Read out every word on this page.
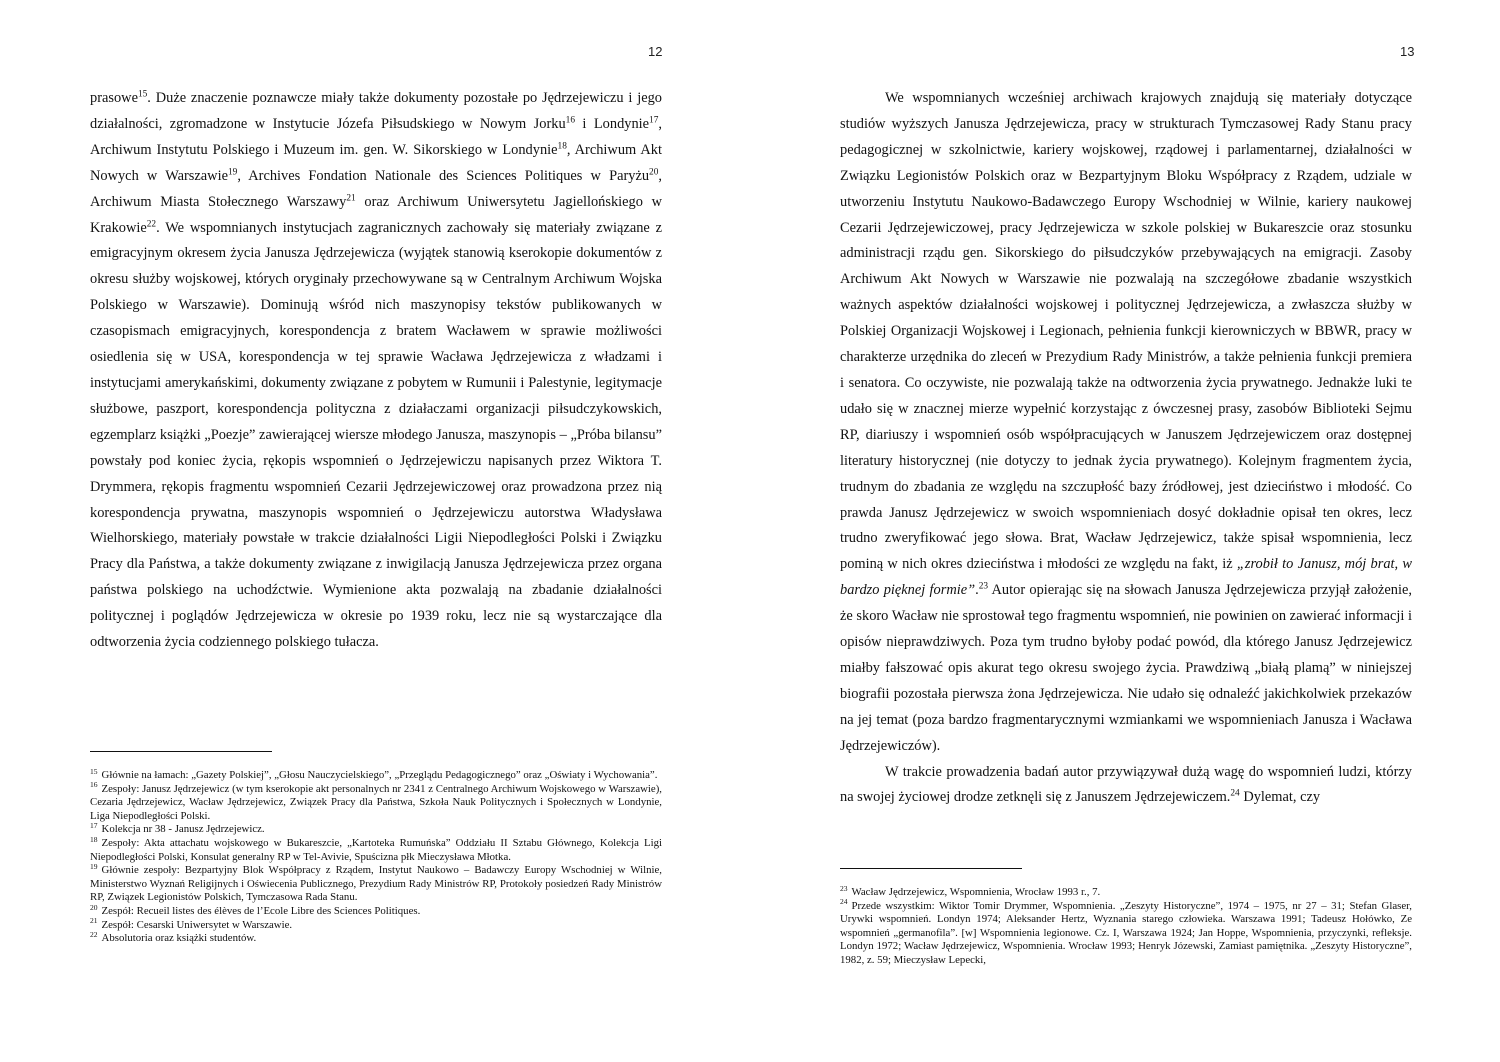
12

prasowe$^{15}$. Duże znaczenie poznawcze miały także dokumenty pozostałe po Jędrzejewiczu i jego działalności, zgromadzone w Instytucie Józefa Piłsudskiego w Nowym Jorku$^{16}$ i Londynie$^{17}$, Archiwum Instytutu Polskiego i Muzeum im. gen. W. Sikorskiego w Londynie$^{18}$, Archiwum Akt Nowych w Warszawie$^{19}$, Archives Fondation Nationale des Sciences Politiques w Paryżu$^{20}$, Archiwum Miasta Stołecznego Warszawy$^{21}$ oraz Archiwum Uniwersytetu Jagiellońskiego w Krakowie$^{22}$. We wspomnianych instytucjach zagranicznych zachowały się materiały związane z emigracyjnym okresem życia Janusza Jędrzejewicza (wyjątek stanowią kserokopie dokumentów z okresu służby wojskowej, których oryginały przechowywane są w Centralnym Archiwum Wojska Polskiego w Warszawie). Dominują wśród nich maszynopisy tekstów publikowanych w czasopismach emigracyjnych, korespondencja z bratem Wacławem w sprawie możliwości osiedlenia się w USA, korespondencja w tej sprawie Wacława Jędrzejewicza z władzami i instytucjami amerykańskimi, dokumenty związane z pobytem w Rumunii i Palestynie, legitymacje służbowe, paszport, korespondencja polityczna z działaczami organizacji piłsudczykowskich, egzemplarz książki „Poezje” zawierającej wiersze młodego Janusza, maszynopis – „Próba bilansu” powstały pod koniec życia, rękopis wspomnień o Jędrzejewiczu napisanych przez Wiktora T. Drymmera, rękopis fragmentu wspomnień Cezarii Jędrzejewiczowej oraz prowadzona przez nią korespondencja prywatna, maszynopis wspomnień o Jędrzejewiczu autorstwa Władysława Wielhorskiego, materiały powstałe w trakcie działalności Ligii Niepodległości Polski i Związku Pracy dla Państwa, a także dokumenty związane z inwigilacją Janusza Jędrzejewicza przez organa państwa polskiego na uchodźctwie. Wymienione akta pozwalają na zbadanie działalności politycznej i poglądów Jędrzejewicza w okresie po 1939 roku, lecz nie są wystarczające dla odtworzenia życia codziennego polskiego tułacza.

$^{15}$ Głównie na łamach: „Gazety Polskiej”, „Głosu Nauczycielskiego”, „Przeglądu Pedagogicznego” oraz „Oświaty i Wychowania”.

$^{16}$ Zespoły: Janusz Jędrzejewicz (w tym kserokopie akt personalnych nr 2341 z Centralnego Archiwum Wojskowego w Warszawie), Cezaria Jędrzejewicz, Wacław Jędrzejewicz, Związek Pracy dla Państwa, Szkoła Nauk Politycznych i Społecznych w Londynie, Liga Niepodległości Polski.

$^{17}$ Kolekcja nr 38 - Janusz Jędrzejewicz.

$^{18}$ Zespoły: Akta attachatu wojskowego w Bukareszcie, „Kartoteka Rumuńska” Oddziału II Sztabu Głównego, Kolekcja Ligi Niepodległości Polski, Konsulat generalny RP w Tel-Avivie, Spuścizna płk Mieczysława Młotka.

$^{19}$ Głównie zespoły: Bezpartyjny Blok Współpracy z Rządem, Instytut Naukowo – Badawczy Europy Wschodniej w Wilnie, Ministerstwo Wyznań Religijnych i Oświecenia Publicznego, Prezydium Rady Ministrów RP, Protokoły posiedzeń Rady Ministrów RP, Związek Legionistów Polskich, Tymczasowa Rada Stanu.

$^{20}$ Zespół: Recueil listes des élèves de l’Ecole Libre des Sciences Politiques.

$^{21}$ Zespół: Cesarski Uniwersytet w Warszawie.

$^{22}$ Absolutoria oraz książki studentów.

13

We wspomnianych wcześniej archiwach krajowych znajdują się materiały dotyczące studiów wyższych Janusza Jędrzejewicza, pracy w strukturach Tymczasowej Rady Stanu pracy pedagogicznej w szkolnictwie, kariery wojskowej, rządowej i parlamentarnej, działalności w Związku Legionistów Polskich oraz w Bezpartyjnym Bloku Współpracy z Rządem, udziale w utworzeniu Instytutu Naukowo-Badawczego Europy Wschodniej w Wilnie, kariery naukowej Cezarii Jędrzejewiczowej, pracy Jędrzejewicza w szkole polskiej w Bukareszcie oraz stosunku administracji rządu gen. Sikorskiego do piłsudczyków przebywających na emigracji. Zasoby Archiwum Akt Nowych w Warszawie nie pozwalają na szczegółowe zbadanie wszystkich ważnych aspektów działalności wojskowej i politycznej Jędrzejewicza, a zwłaszcza służby w Polskiej Organizacji Wojskowej i Legionach, pełnienia funkcji kierowniczych w BBWR, pracy w charakterze urzędnika do zleceń w Prezydium Rady Ministrów, a także pełnienia funkcji premiera i senatora. Co oczywiste, nie pozwalają także na odtworzenia życia prywatnego. Jednakże luki te udało się w znacznej mierze wypełnić korzystając z ówczesnej prasy, zasobów Biblioteki Sejmu RP, diariuszy i wspomnień osób współpracujących w Januszem Jędrzejewiczem oraz dostępnej literatury historycznej (nie dotyczy to jednak życia prywatnego). Kolejnym fragmentem życia, trudnym do zbadania ze względu na szczupłość bazy źródłowej, jest dzieciństwo i młodość. Co prawda Janusz Jędrzejewicz w swoich wspomnieniach dosyć dokładnie opisał ten okres, lecz trudno zweryfikować jego słowa. Brat, Wacław Jędrzejewicz, także spisał wspomnienia, lecz pominą w nich okres dzieciństwa i młodości ze względu na fakt, iż „zrobił to Janusz, mój brat, w bardzo pięknej formie”.$^{23}$ Autor opierając się na słowach Janusza Jędrzejewicza przyjął założenie, że skoro Wacław nie sprostował tego fragmentu wspomnień, nie powinien on zawierać informacji i opisów nieprawdziwych. Poza tym trudno byłoby podać powód, dla którego Janusz Jędrzejewicz miałby fałszować opis akurat tego okresu swojego życia. Prawdziwą „białą plamą” w niniejszej biografii pozostała pierwsza żona Jędrzejewicza. Nie udało się odnaleźć jakichkolwiek przekazów na jej temat (poza bardzo fragmentarycznymi wzmiankami we wspomnieniach Janusza i Wacława Jędrzejewiczów).

W trakcie prowadzenia badań autor przywiązywał dużą wagę do wspomnień ludzi, którzy na swojej życiowej drodze zetknęli się z Januszem Jędrzejewiczem.$^{24}$ Dylemat, czy

$^{23}$ Wacław Jędrzejewicz, Wspomnienia, Wrocław 1993 r., 7.

$^{24}$ Przede wszystkim: Wiktor Tomir Drymmer, Wspomnienia. „Zeszyty Historyczne”, 1974 – 1975, nr 27 – 31; Stefan Glaser, Urywki wspomnień. Londyn 1974; Aleksander Hertz, Wyznania starego człowieka. Warszawa 1991; Tadeusz Hołówko, Ze wspomnień „germanofila”. [w] Wspomnienia legionowe. Cz. I, Warszawa 1924; Jan Hoppe, Wspomnienia, przyczynki, refleksje. Londyn 1972; Wacław Jędrzejewicz, Wspomnienia. Wrocław 1993; Henryk Józewski, Zamiast pamiętnika. „Zeszyty Historyczne”, 1982, z. 59; Mieczysław Lepecki,
